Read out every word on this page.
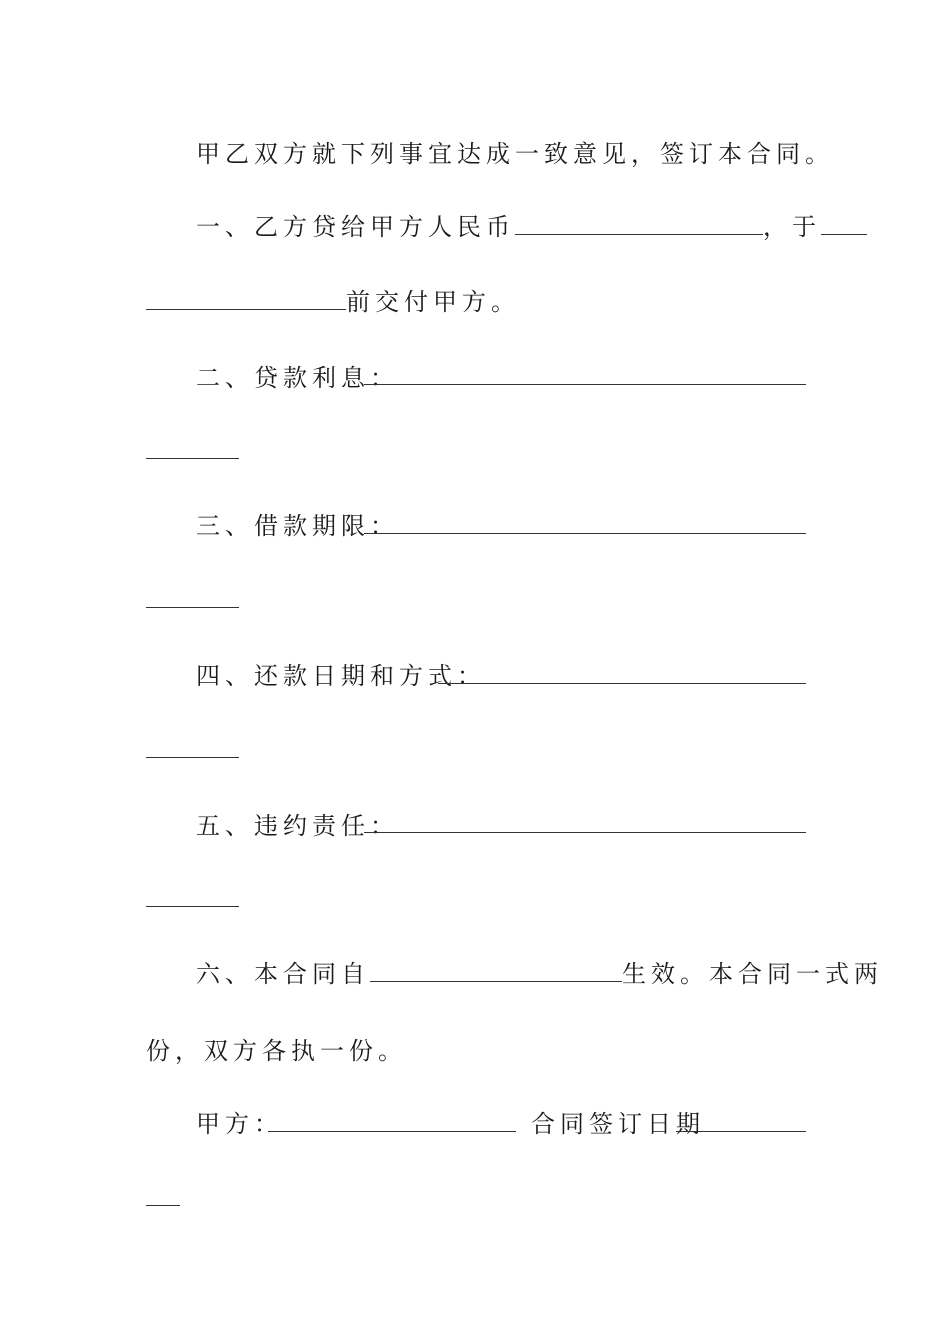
甲乙双方就下列事宜达成一致意见，签订本合同。
一、乙方贷给甲方人民币	，于
前交付甲方。
二、贷款利息：
三、借款期限：
四、还款日期和方式：
五、违约责任：
六、本合同自	生效。本合同一式两
份，双方各执一份。
甲方：	合同签订日期
